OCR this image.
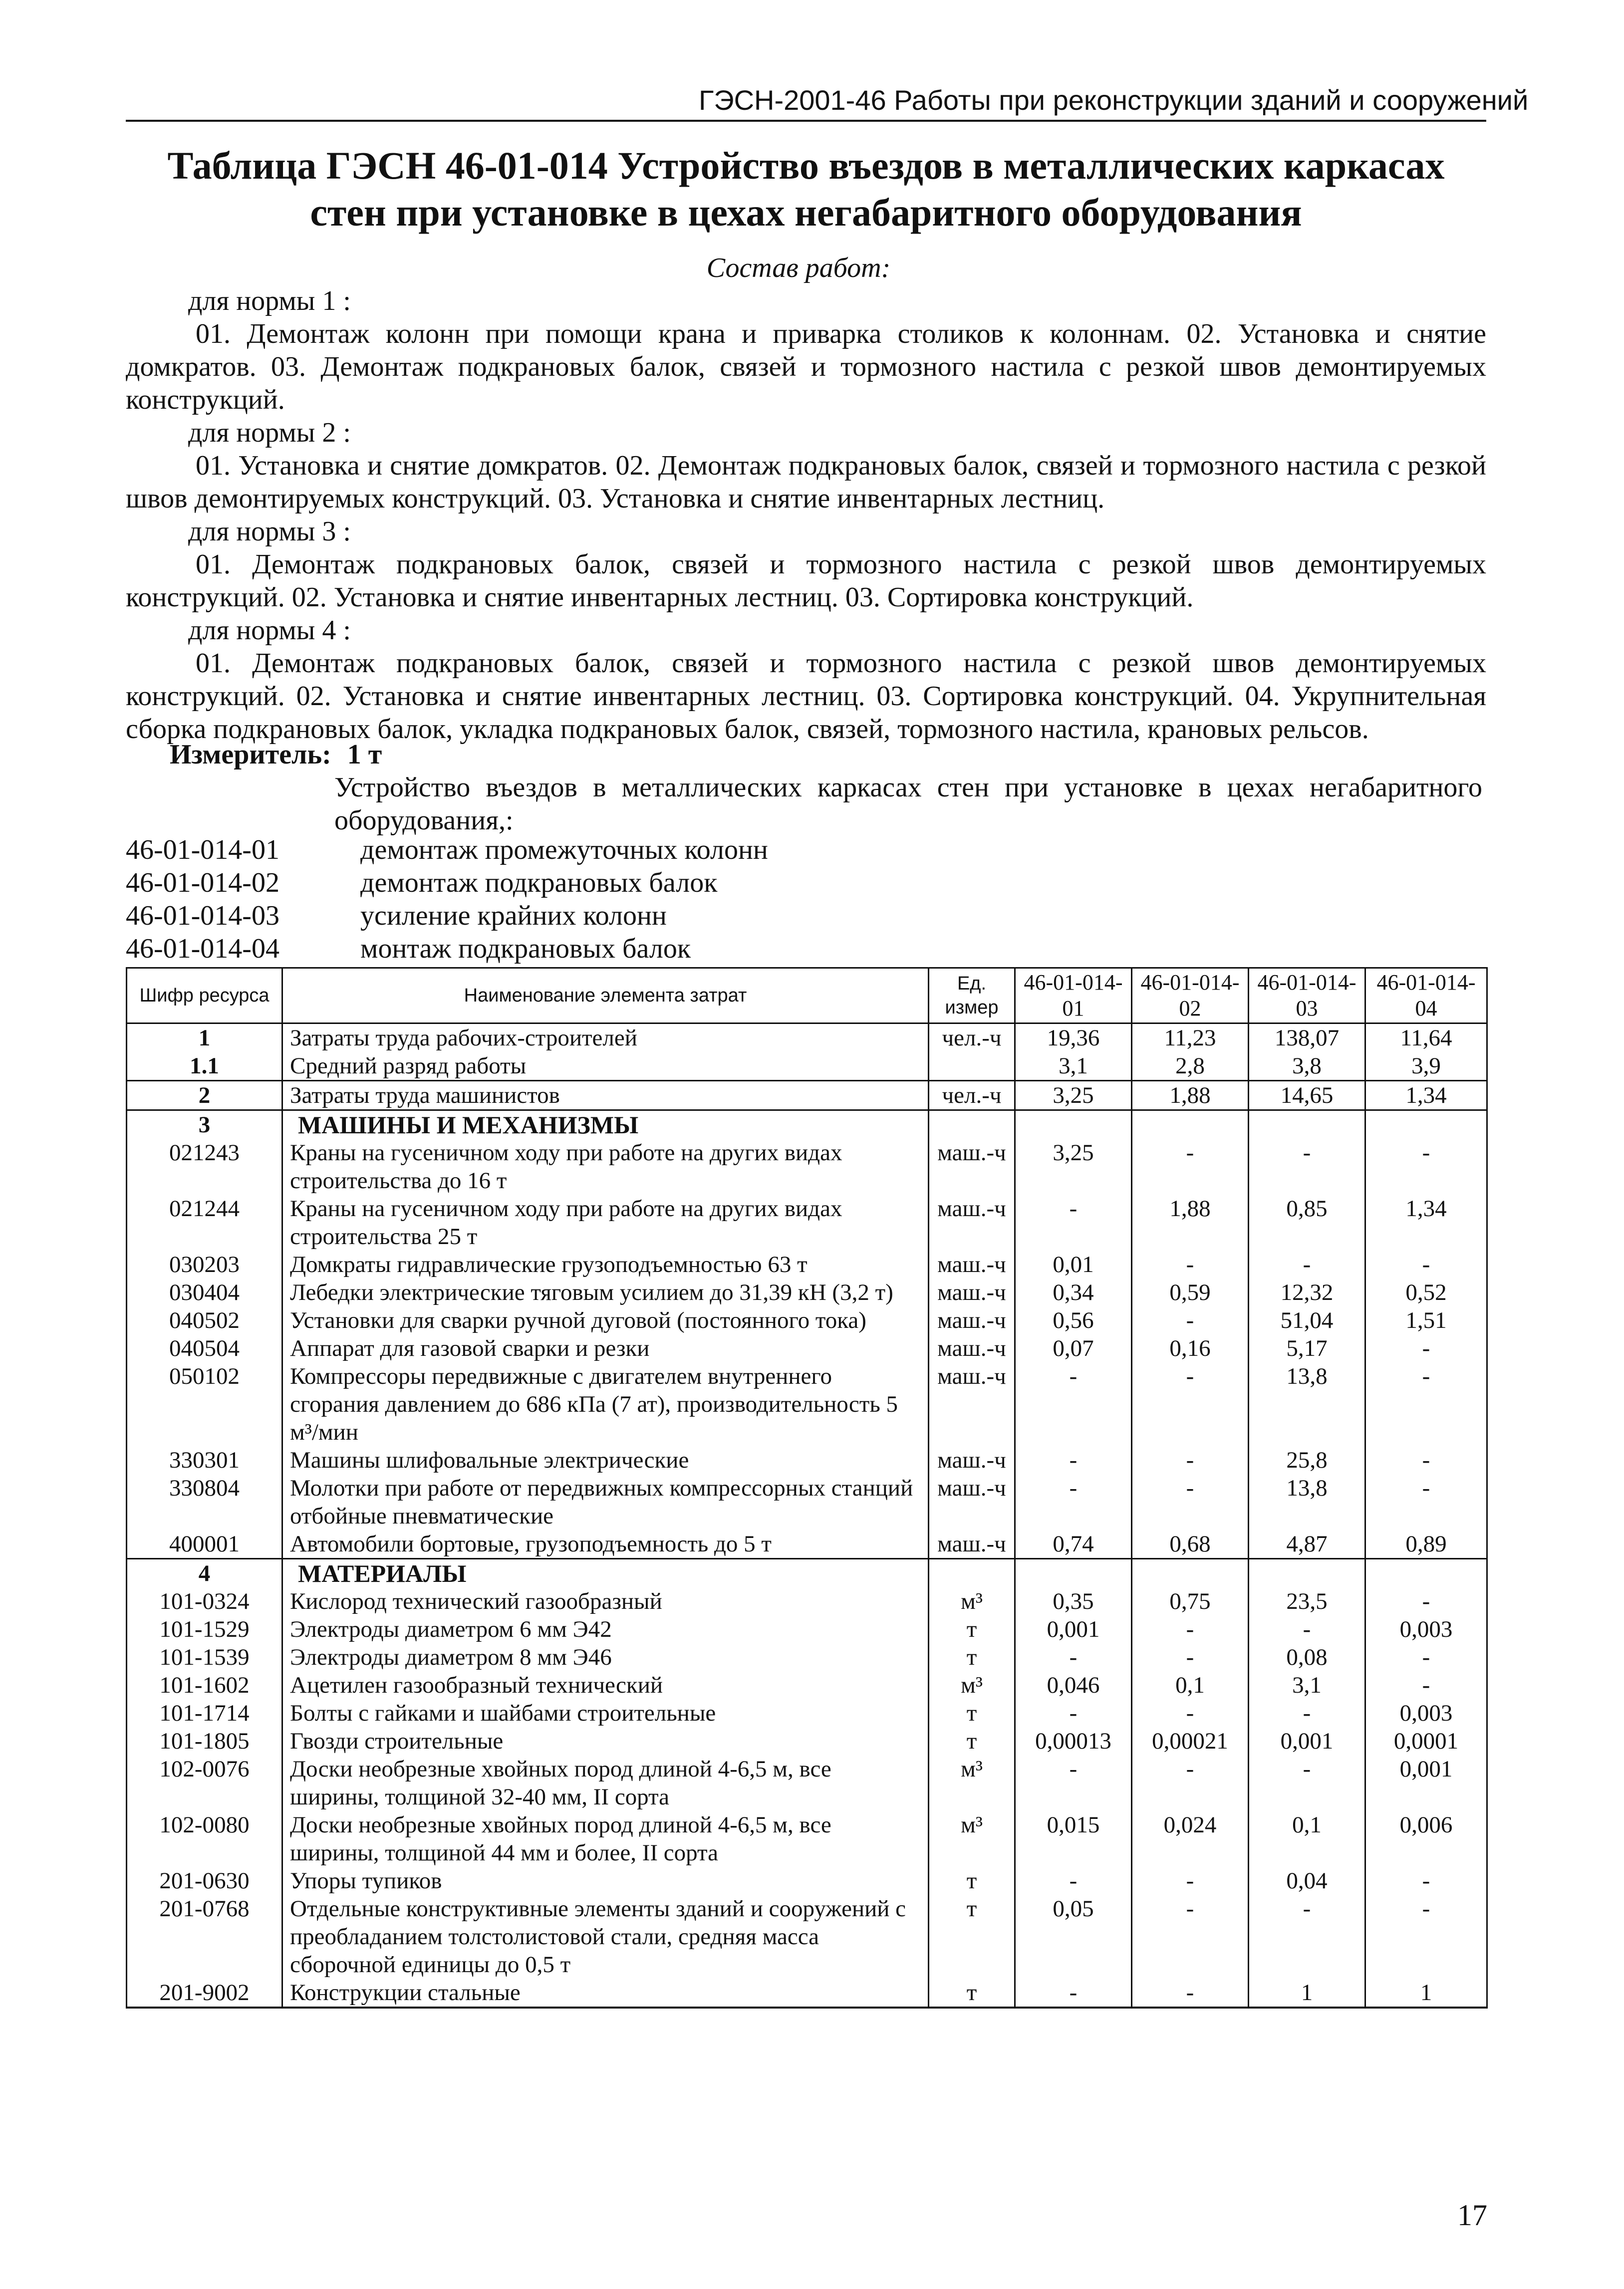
ГЭСН-2001-46 Работы при реконструкции зданий и сооружений
Таблица ГЭСН 46-01-014 Устройство въездов в металлических каркасах стен при установке в цехах негабаритного оборудования
Состав работ:

для нормы 1 :

01. Демонтаж колонн при помощи крана и приварка столиков к колоннам. 02. Установка и снятие домкратов. 03. Демонтаж подкрановых балок, связей и тормозного настила с резкой швов демонтируемых конструкций.

для нормы 2 :

01. Установка и снятие домкратов. 02. Демонтаж подкрановых балок, связей и тормозного настила с резкой швов демонтируемых конструкций. 03. Установка и снятие инвентарных лестниц.

для нормы 3 :

01. Демонтаж подкрановых балок, связей и тормозного настила с резкой швов демонтируемых конструкций. 02. Установка и снятие инвентарных лестниц. 03. Сортировка конструкций.

для нормы 4 :

01. Демонтаж подкрановых балок, связей и тормозного настила с резкой швов демонтируемых конструкций. 02. Установка и снятие инвентарных лестниц. 03. Сортировка конструкций. 04. Укрупнительная сборка подкрановых балок, укладка подкрановых балок, связей, тормозного настила, крановых рельсов.

Измеритель: 1 т
Устройство въездов в металлических каркасах стен при установке в цехах негабаритного оборудования,:
46-01-014-01	демонтаж промежуточных колонн
46-01-014-02	демонтаж подкрановых балок
46-01-014-03	усиление крайних колонн
46-01-014-04	монтаж подкрановых балок
Шифр ресурса	Наименование элемента затрат	Ед. измер	46-01-014-01	46-01-014-02	46-01-014-03	46-01-014-04
1	Затраты труда рабочих-строителей	чел.-ч	19,36	11,23	138,07	11,64
1.1	Средний разряд работы		3,1	2,8	3,8	3,9
2	Затраты труда машинистов	чел.-ч	3,25	1,88	14,65	1,34
3	МАШИНЫ И МЕХАНИЗМЫ					
021243	Краны на гусеничном ходу при работе на других видах строительства до 16 т	маш.-ч	3,25	-	-	-
021244	Краны на гусеничном ходу при работе на других видах строительства 25 т	маш.-ч	-	1,88	0,85	1,34
030203	Домкраты гидравлические грузоподъемностью 63 т	маш.-ч	0,01	-	-	-
030404	Лебедки электрические тяговым усилием до 31,39 кН (3,2 т)	маш.-ч	0,34	0,59	12,32	0,52
040502	Установки для сварки ручной дуговой (постоянного тока)	маш.-ч	0,56	-	51,04	1,51
040504	Аппарат для газовой сварки и резки	маш.-ч	0,07	0,16	5,17	-
050102	Компрессоры передвижные с двигателем внутреннего сгорания давлением до 686 кПа (7 ат), производительность 5 м³/мин	маш.-ч	-	-	13,8	-
330301	Машины шлифовальные электрические	маш.-ч	-	-	25,8	-
330804	Молотки при работе от передвижных компрессорных станций отбойные пневматические	маш.-ч	-	-	13,8	-
400001	Автомобили бортовые, грузоподъемность до 5 т	маш.-ч	0,74	0,68	4,87	0,89
4	МАТЕРИАЛЫ					
101-0324	Кислород технический газообразный	м³	0,35	0,75	23,5	-
101-1529	Электроды диаметром 6 мм Э42	т	0,001	-	-	0,003
101-1539	Электроды диаметром 8 мм Э46	т	-	-	0,08	-
101-1602	Ацетилен газообразный технический	м³	0,046	0,1	3,1	-
101-1714	Болты с гайками и шайбами строительные	т	-	-	-	0,003
101-1805	Гвозди строительные	т	0,00013	0,00021	0,001	0,0001
102-0076	Доски необрезные хвойных пород длиной 4-6,5 м, все ширины, толщиной 32-40 мм, II сорта	м³	-	-	-	0,001
102-0080	Доски необрезные хвойных пород длиной 4-6,5 м, все ширины, толщиной 44 мм и более, II сорта	м³	0,015	0,024	0,1	0,006
201-0630	Упоры тупиков	т	-	-	0,04	-
201-0768	Отдельные конструктивные элементы зданий и сооружений с преобладанием толстолистовой стали, средняя масса сборочной единицы до 0,5 т	т	0,05	-	-	-
201-9002	Конструкции стальные	т	-	-	1	1
17
